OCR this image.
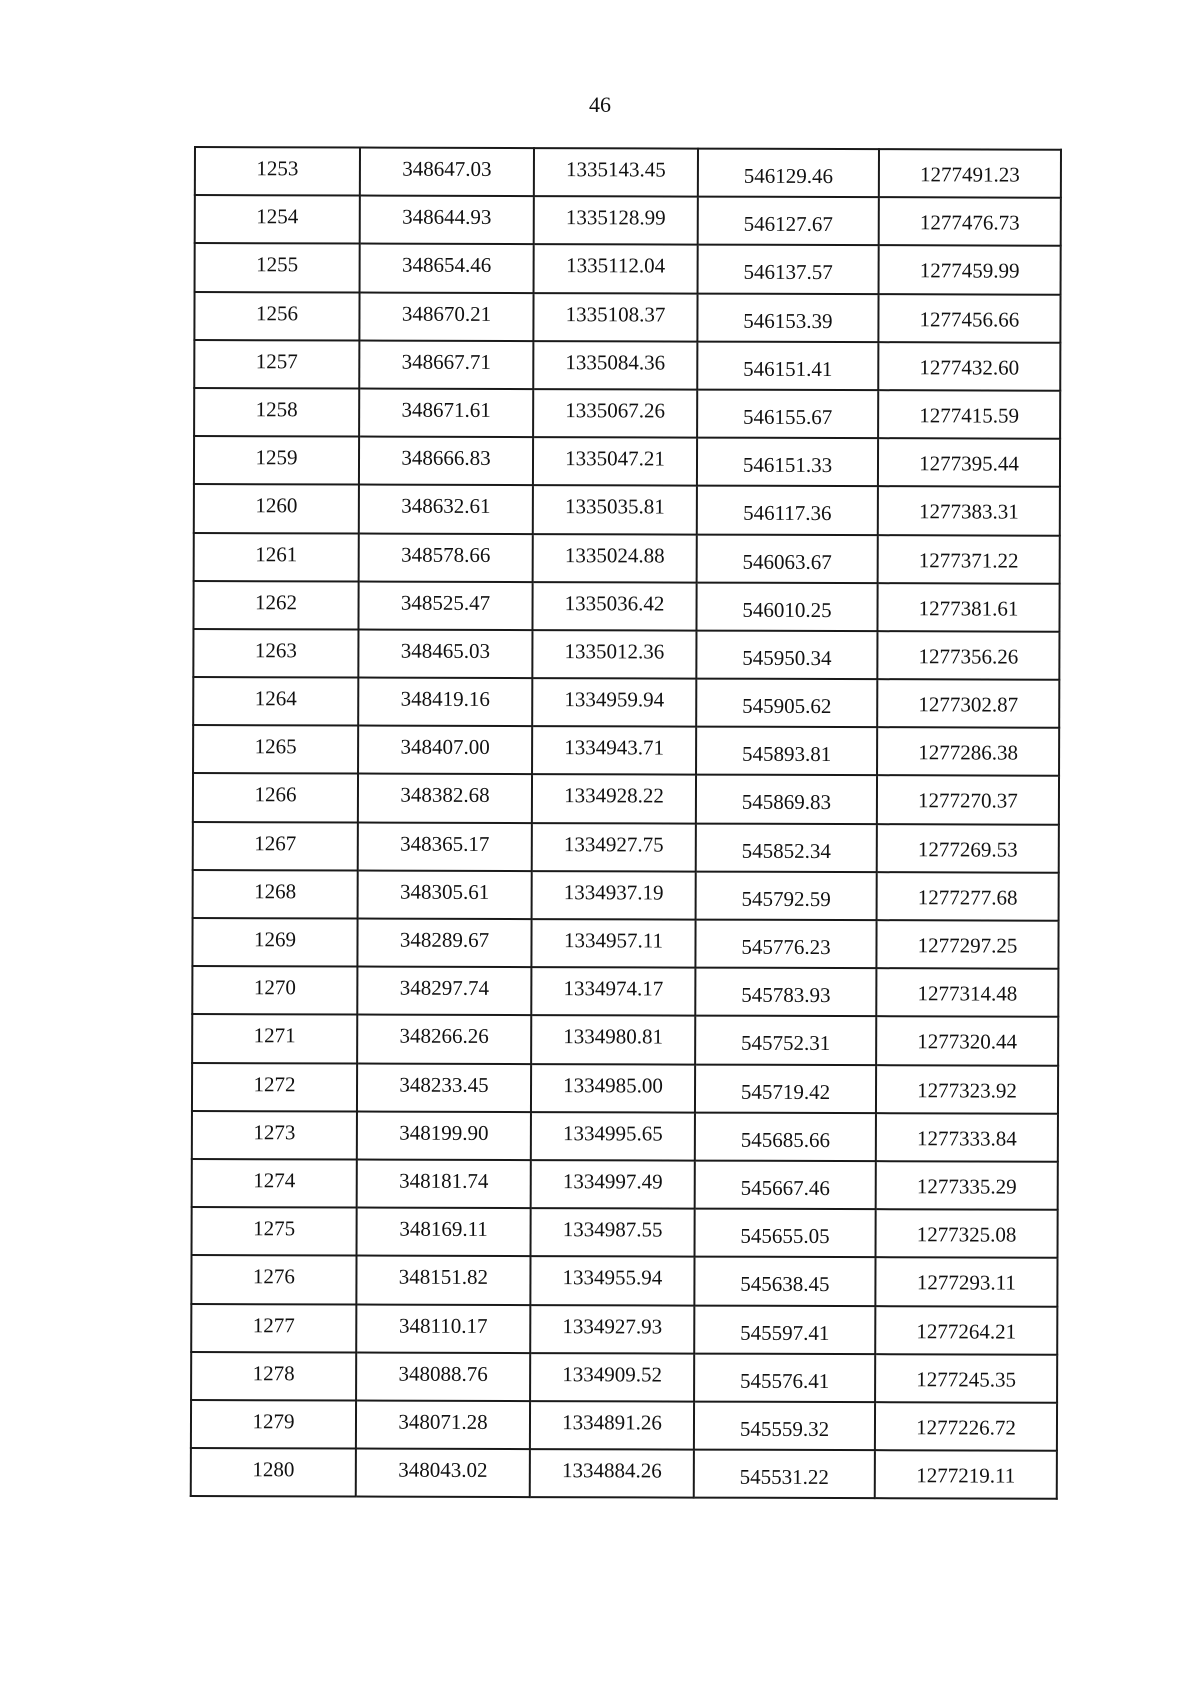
46
1253	348647.03	1335143.45	546129.46	1277491.23
1254	348644.93	1335128.99	546127.67	1277476.73
1255	348654.46	1335112.04	546137.57	1277459.99
1256	348670.21	1335108.37	546153.39	1277456.66
1257	348667.71	1335084.36	546151.41	1277432.60
1258	348671.61	1335067.26	546155.67	1277415.59
1259	348666.83	1335047.21	546151.33	1277395.44
1260	348632.61	1335035.81	546117.36	1277383.31
1261	348578.66	1335024.88	546063.67	1277371.22
1262	348525.47	1335036.42	546010.25	1277381.61
1263	348465.03	1335012.36	545950.34	1277356.26
1264	348419.16	1334959.94	545905.62	1277302.87
1265	348407.00	1334943.71	545893.81	1277286.38
1266	348382.68	1334928.22	545869.83	1277270.37
1267	348365.17	1334927.75	545852.34	1277269.53
1268	348305.61	1334937.19	545792.59	1277277.68
1269	348289.67	1334957.11	545776.23	1277297.25
1270	348297.74	1334974.17	545783.93	1277314.48
1271	348266.26	1334980.81	545752.31	1277320.44
1272	348233.45	1334985.00	545719.42	1277323.92
1273	348199.90	1334995.65	545685.66	1277333.84
1274	348181.74	1334997.49	545667.46	1277335.29
1275	348169.11	1334987.55	545655.05	1277325.08
1276	348151.82	1334955.94	545638.45	1277293.11
1277	348110.17	1334927.93	545597.41	1277264.21
1278	348088.76	1334909.52	545576.41	1277245.35
1279	348071.28	1334891.26	545559.32	1277226.72
1280	348043.02	1334884.26	545531.22	1277219.11
